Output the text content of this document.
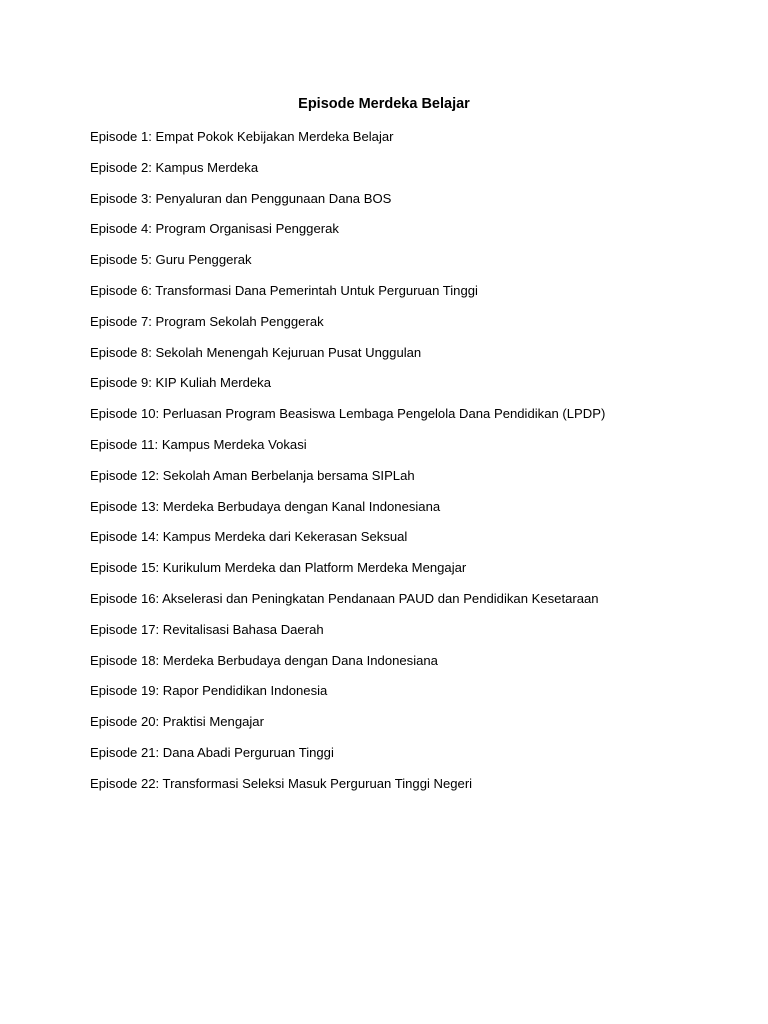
Episode Merdeka Belajar
Episode 1: Empat Pokok Kebijakan Merdeka Belajar
Episode 2: Kampus Merdeka
Episode 3: Penyaluran dan Penggunaan Dana BOS
Episode 4: Program Organisasi Penggerak
Episode 5: Guru Penggerak
Episode 6: Transformasi Dana Pemerintah Untuk Perguruan Tinggi
Episode 7: Program Sekolah Penggerak
Episode 8: Sekolah Menengah Kejuruan Pusat Unggulan
Episode 9: KIP Kuliah Merdeka
Episode 10: Perluasan Program Beasiswa Lembaga Pengelola Dana Pendidikan (LPDP)
Episode 11: Kampus Merdeka Vokasi
Episode 12: Sekolah Aman Berbelanja bersama SIPLah
Episode 13: Merdeka Berbudaya dengan Kanal Indonesiana
Episode 14: Kampus Merdeka dari Kekerasan Seksual
Episode 15: Kurikulum Merdeka dan Platform Merdeka Mengajar
Episode 16: Akselerasi dan Peningkatan Pendanaan PAUD dan Pendidikan Kesetaraan
Episode 17: Revitalisasi Bahasa Daerah
Episode 18: Merdeka Berbudaya dengan Dana Indonesiana
Episode 19: Rapor Pendidikan Indonesia
Episode 20: Praktisi Mengajar
Episode 21: Dana Abadi Perguruan Tinggi
Episode 22: Transformasi Seleksi Masuk Perguruan Tinggi Negeri
